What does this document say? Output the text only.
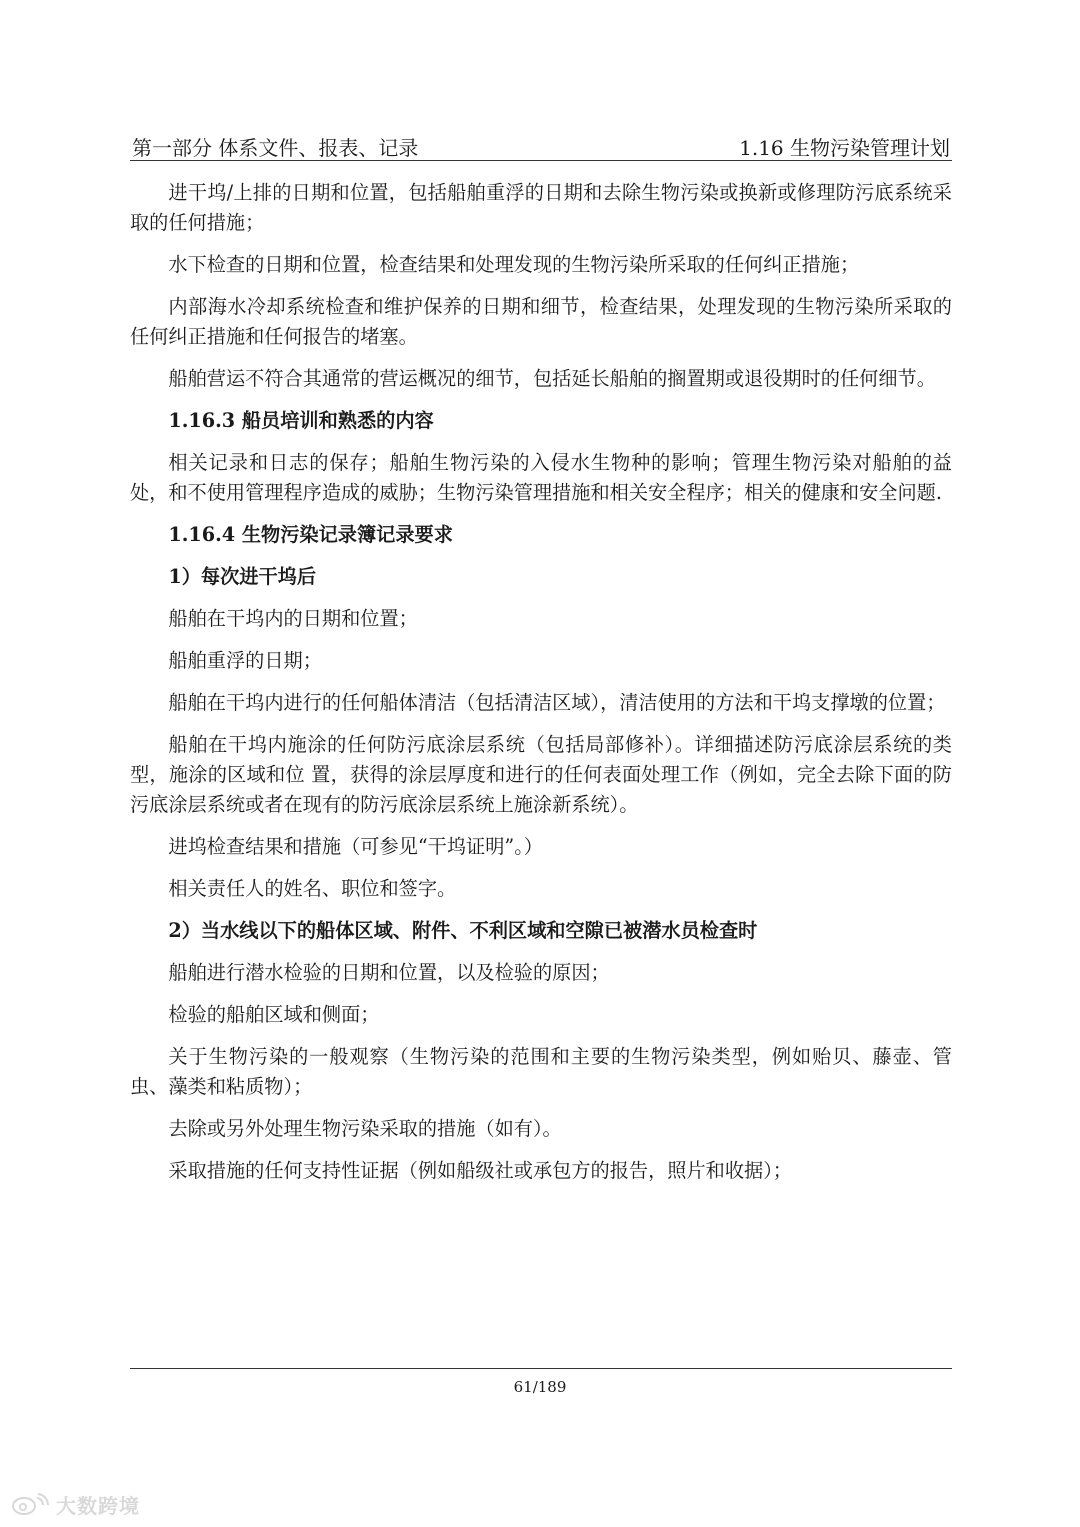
第一部分 体系文件、报表、记录	1.16 生物污染管理计划

进干坞/上排的日期和位置，包括船舶重浮的日期和去除生物污染或换新或修理防污底系统采取的任何措施；

水下检查的日期和位置，检查结果和处理发现的生物污染所采取的任何纠正措施；

内部海水冷却系统检查和维护保养的日期和细节，检查结果，处理发现的生物污染所采取的任何纠正措施和任何报告的堵塞。

船舶营运不符合其通常的营运概况的细节，包括延长船舶的搁置期或退役期时的任何细节。

1.16.3 船员培训和熟悉的内容

相关记录和日志的保存；船舶生物污染的入侵水生物种的影响；管理生物污染对船舶的益处，和不使用管理程序造成的威胁；生物污染管理措施和相关安全程序；相关的健康和安全问题.

1.16.4 生物污染记录簿记录要求

1）每次进干坞后

船舶在干坞内的日期和位置；

船舶重浮的日期；

船舶在干坞内进行的任何船体清洁（包括清洁区域），清洁使用的方法和干坞支撑墩的位置；

船舶在干坞内施涂的任何防污底涂层系统（包括局部修补）。详细描述防污底涂层系统的类型，施涂的区域和位 置，获得的涂层厚度和进行的任何表面处理工作（例如，完全去除下面的防污底涂层系统或者在现有的防污底涂层系统上施涂新系统）。

进坞检查结果和措施（可参见“干坞证明”。）

相关责任人的姓名、职位和签字。

2）当水线以下的船体区域、附件、不利区域和空隙已被潜水员检查时

船舶进行潜水检验的日期和位置，以及检验的原因；

检验的船舶区域和侧面；

关于生物污染的一般观察（生物污染的范围和主要的生物污染类型，例如贻贝、藤壶、管虫、藻类和粘质物）；

去除或另外处理生物污染采取的措施（如有）。

采取措施的任何支持性证据（例如船级社或承包方的报告，照片和收据）；

61/189
大数跨境
